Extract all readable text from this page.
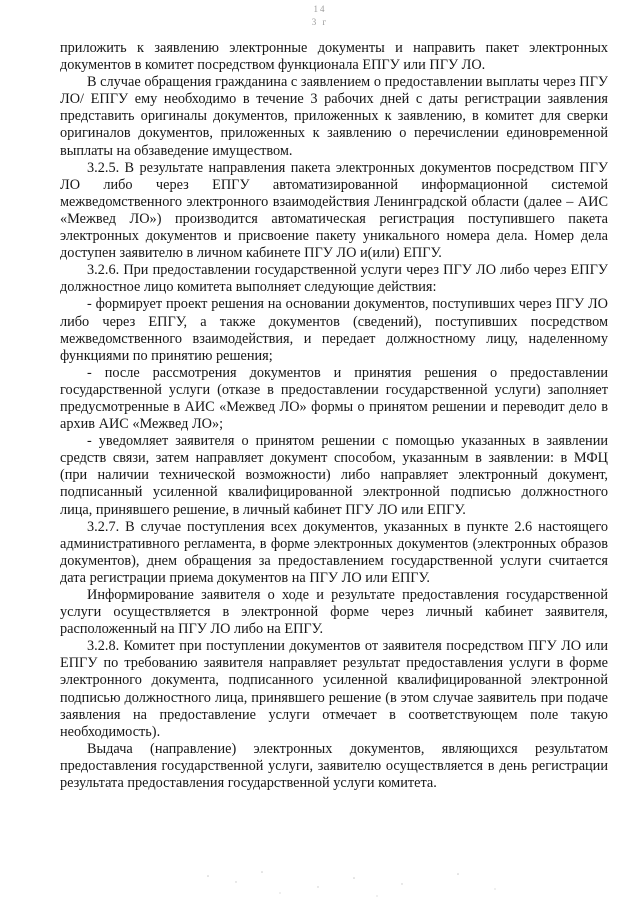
14
3 г

приложить к заявлению электронные документы и направить пакет электронных документов в комитет посредством функционала ЕПГУ или ПГУ ЛО.

В случае обращения гражданина с заявлением о предоставлении выплаты через ПГУ ЛО/ ЕПГУ ему необходимо в течение 3 рабочих дней с даты регистрации заявления представить оригиналы документов, приложенных к заявлению, в комитет для сверки оригиналов документов, приложенных к заявлению о перечислении единовременной выплаты на обзаведение имуществом.

3.2.5. В результате направления пакета электронных документов посредством ПГУ ЛО либо через ЕПГУ автоматизированной информационной системой межведомственного электронного взаимодействия Ленинградской области (далее – АИС «Межвед ЛО») производится автоматическая регистрация поступившего пакета электронных документов и присвоение пакету уникального номера дела. Номер дела доступен заявителю в личном кабинете ПГУ ЛО и(или) ЕПГУ.

3.2.6. При предоставлении государственной услуги через ПГУ ЛО либо через ЕПГУ должностное лицо комитета выполняет следующие действия:

- формирует проект решения на основании документов, поступивших через ПГУ ЛО либо через ЕПГУ, а также документов (сведений), поступивших посредством межведомственного взаимодействия, и передает должностному лицу, наделенному функциями по принятию решения;

- после рассмотрения документов и принятия решения о предоставлении государственной услуги (отказе в предоставлении государственной услуги) заполняет предусмотренные в АИС «Межвед ЛО» формы о принятом решении и переводит дело в архив АИС «Межвед ЛО»;

- уведомляет заявителя о принятом решении с помощью указанных в заявлении средств связи, затем направляет документ способом, указанным в заявлении: в МФЦ (при наличии технической возможности) либо направляет электронный документ, подписанный усиленной квалифицированной электронной подписью должностного лица, принявшего решение, в личный кабинет ПГУ ЛО или ЕПГУ.

3.2.7. В случае поступления всех документов, указанных в пункте 2.6 настоящего административного регламента, в форме электронных документов (электронных образов документов), днем обращения за предоставлением государственной услуги считается дата регистрации приема документов на ПГУ ЛО или ЕПГУ.

Информирование заявителя о ходе и результате предоставления государственной услуги осуществляется в электронной форме через личный кабинет заявителя, расположенный на ПГУ ЛО либо на ЕПГУ.

3.2.8. Комитет при поступлении документов от заявителя посредством ПГУ ЛО или ЕПГУ по требованию заявителя направляет результат предоставления услуги в форме электронного документа, подписанного усиленной квалифицированной электронной подписью должностного лица, принявшего решение (в этом случае заявитель при подаче заявления на предоставление услуги отмечает в соответствующем поле такую необходимость).

Выдача (направление) электронных документов, являющихся результатом предоставления государственной услуги, заявителю осуществляется в день регистрации результата предоставления государственной услуги комитета.
